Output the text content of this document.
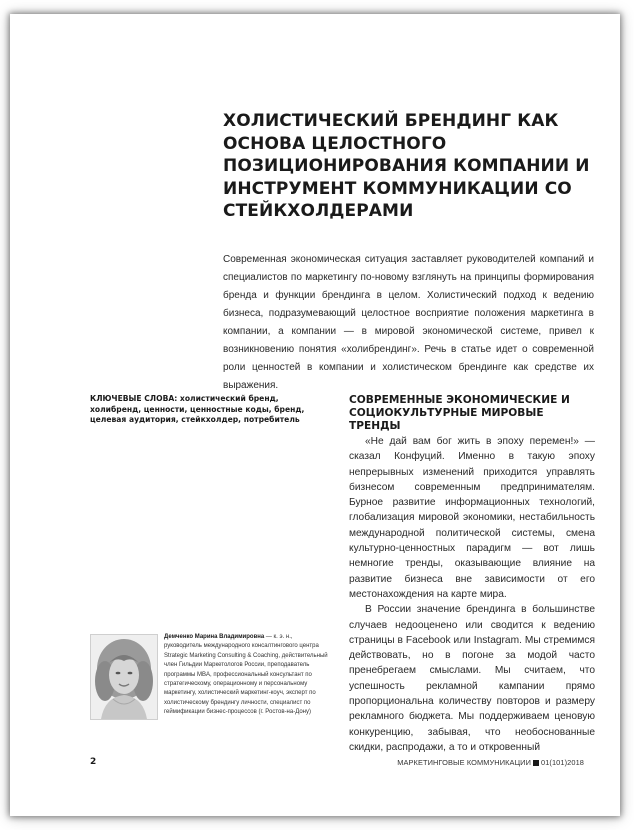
ХОЛИСТИЧЕСКИЙ БРЕНДИНГ КАК ОСНОВА ЦЕЛОСТНОГО ПОЗИЦИОНИРОВАНИЯ КОМПАНИИ И ИНСТРУМЕНТ КОММУНИКАЦИИ СО СТЕЙКХОЛДЕРАМИ

Современная экономическая ситуация заставляет руководителей компаний и специалистов по маркетингу по-новому взглянуть на принципы формирования бренда и функции брендинга в целом. Холистический подход к ведению бизнеса, подразумевающий целостное восприятие положения маркетинга в компании, а компании — в мировой экономической системе, привел к возникновению понятия «холибрендинг». Речь в статье идет о современной роли ценностей в компании и холистическом брендинге как средстве их выражения.

КЛЮЧЕВЫЕ СЛОВА: холистический бренд, холибренд, ценности, ценностные коды, бренд, целевая аудитория, стейкхолдер, потребитель

СОВРЕМЕННЫЕ ЭКОНОМИЧЕСКИЕ И СОЦИОКУЛЬТУРНЫЕ МИРОВЫЕ ТРЕНДЫ

«Не дай вам бог жить в эпоху перемен!» — сказал Конфуций. Именно в такую эпоху непрерывных изменений приходится управлять бизнесом современным предпринимателям. Бурное развитие информационных технологий, глобализация мировой экономики, нестабильность международной политической системы, смена культурно-ценностных парадигм — вот лишь немногие тренды, оказывающие влияние на развитие бизнеса вне зависимости от его местонахождения на карте мира.

В России значение брендинга в большинстве случаев недооценено или сводится к ведению страницы в Facebook или Instagram. Мы стремимся действовать, но в погоне за модой часто пренебрегаем смыслами. Мы считаем, что успешность рекламной кампании прямо пропорциональна количеству повторов и размеру рекламного бюджета. Мы поддерживаем ценовую конкуренцию, забывая, что необоснованные скидки, распродажи, а то и откровенный

Демченко Марина Владимировна — к. э. н., руководитель международного консалтингового центра Strategic Marketing Consulting & Coaching, действительный член Гильдии Маркетологов России, преподаватель программы MBA, профессиональный консультант по стратегическому, операционному и персональному маркетингу, холистический маркетинг-коуч, эксперт по холистическому брендингу личности, специалист по геймификации бизнес-процессов (г. Ростов-на-Дону)

2	МАРКЕТИНГОВЫЕ КОММУНИКАЦИИ 01(101)2018
